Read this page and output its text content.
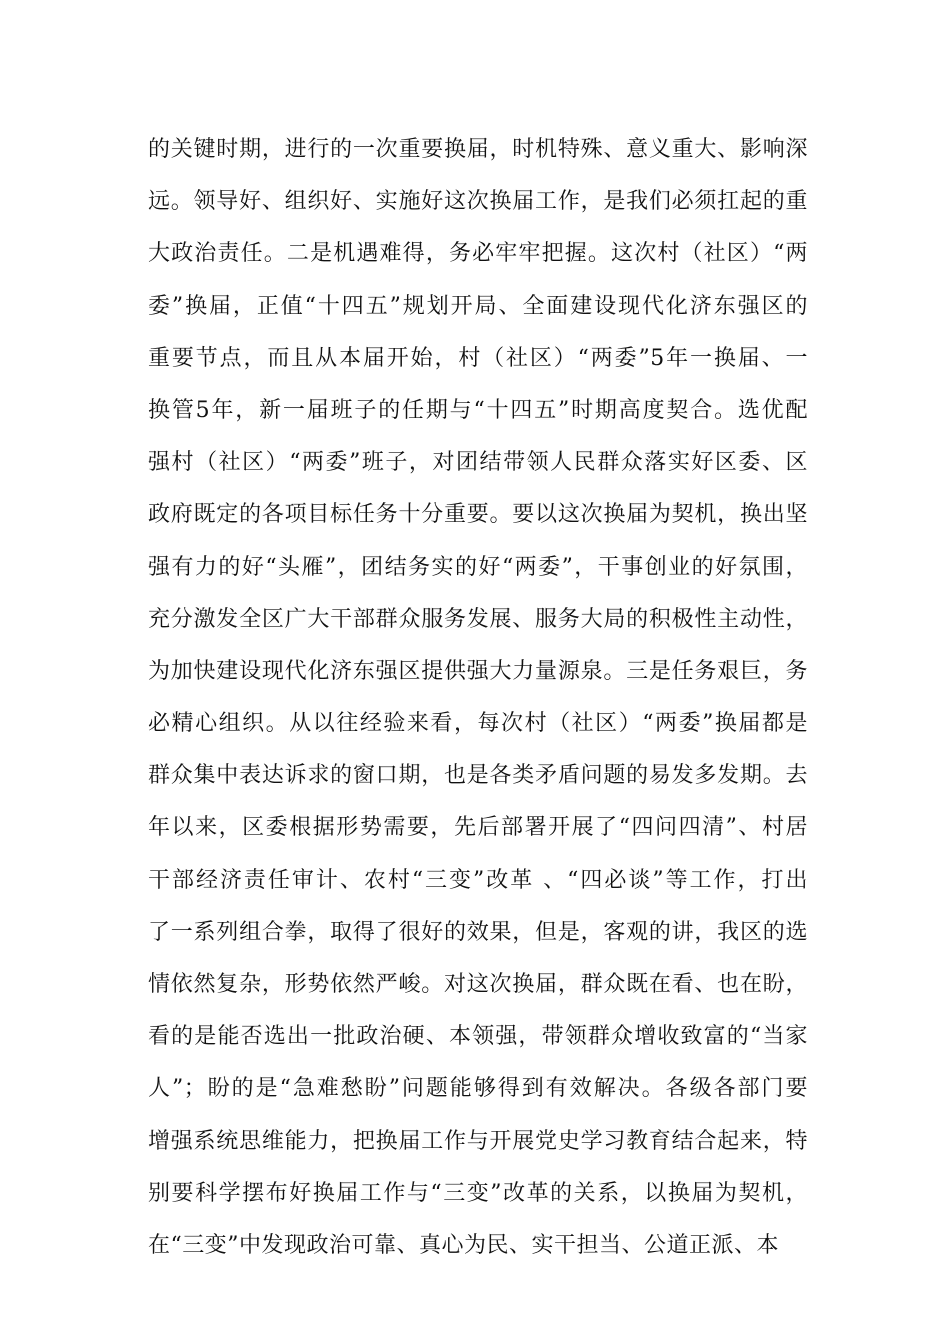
的关键时期，进行的一次重要换届，时机特殊、意义重大、影响深
远。领导好、组织好、实施好这次换届工作，是我们必须扛起的重
大政治责任。二是机遇难得，务必牢牢把握。这次村（社区）“两
委”换届，正值“十四五”规划开局、全面建设现代化济东强区的
重要节点，而且从本届开始，村（社区）“两委”5年一换届、一
换管5年，新一届班子的任期与“十四五”时期高度契合。选优配
强村（社区）“两委”班子，对团结带领人民群众落实好区委、区
政府既定的各项目标任务十分重要。要以这次换届为契机，换出坚
强有力的好“头雁”，团结务实的好“两委”，干事创业的好氛围，
充分激发全区广大干部群众服务发展、服务大局的积极性主动性，
为加快建设现代化济东强区提供强大力量源泉。三是任务艰巨，务
必精心组织。从以往经验来看，每次村（社区）“两委”换届都是
群众集中表达诉求的窗口期，也是各类矛盾问题的易发多发期。去
年以来，区委根据形势需要，先后部署开展了“四问四清”、村居
干部经济责任审计、农村“三变”改革 、“四必谈”等工作，打出
了一系列组合拳，取得了很好的效果，但是，客观的讲，我区的选
情依然复杂，形势依然严峻。对这次换届，群众既在看、也在盼，
看的是能否选出一批政治硬、本领强，带领群众增收致富的“当家
人”；盼的是“急难愁盼”问题能够得到有效解决。各级各部门要
增强系统思维能力，把换届工作与开展党史学习教育结合起来，特
别要科学摆布好换届工作与“三变”改革的关系，以换届为契机，
在“三变”中发现政治可靠、真心为民、实干担当、公道正派、本
